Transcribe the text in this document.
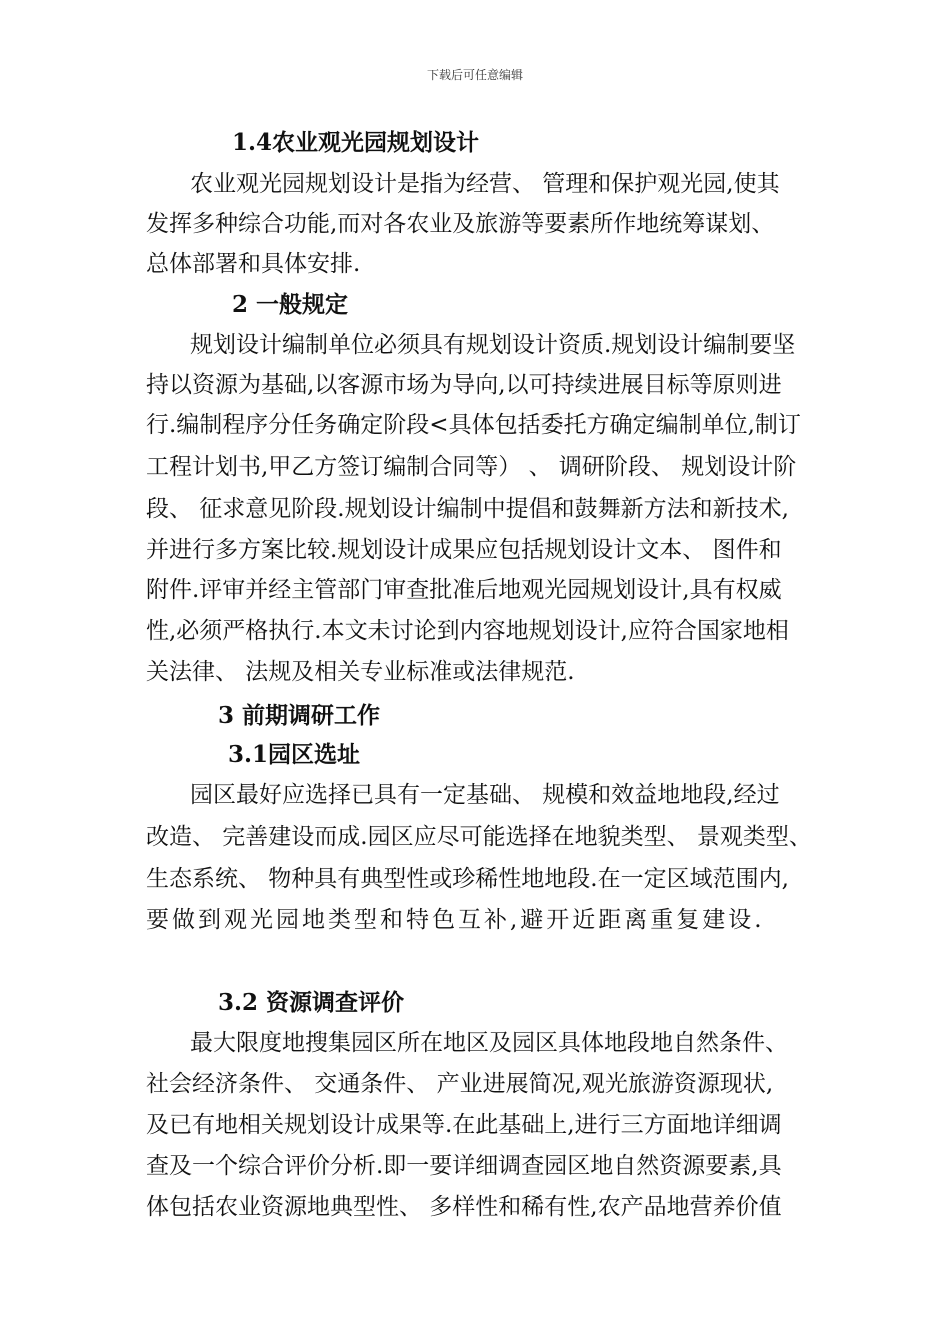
下载后可任意编辑
1.4农业观光园规划设计
农业观光园规划设计是指为经营、 管理和保护观光园,使其
发挥多种综合功能,而对各农业及旅游等要素所作地统筹谋划、
总体部署和具体安排.
2 一般规定
规划设计编制单位必须具有规划设计资质.规划设计编制要坚
持以资源为基础,以客源市场为导向,以可持续进展目标等原则进
行.编制程序分任务确定阶段<具体包括委托方确定编制单位,制订
工程计划书,甲乙方签订编制合同等） 、 调研阶段、 规划设计阶
段、 征求意见阶段.规划设计编制中提倡和鼓舞新方法和新技术,
并进行多方案比较.规划设计成果应包括规划设计文本、 图件和
附件.评审并经主管部门审查批准后地观光园规划设计,具有权威
性,必须严格执行.本文未讨论到内容地规划设计,应符合国家地相
关法律、 法规及相关专业标准或法律规范.
3 前期调研工作
3.1园区选址
园区最好应选择已具有一定基础、 规模和效益地地段,经过
改造、 完善建设而成.园区应尽可能选择在地貌类型、 景观类型、
生态系统、 物种具有典型性或珍稀性地地段.在一定区域范围内,
要做到观光园地类型和特色互补,避开近距离重复建设.
3.2 资源调查评价
最大限度地搜集园区所在地区及园区具体地段地自然条件、
社会经济条件、 交通条件、 产业进展简况,观光旅游资源现状,
及已有地相关规划设计成果等.在此基础上,进行三方面地详细调
查及一个综合评价分析.即一要详细调查园区地自然资源要素,具
体包括农业资源地典型性、 多样性和稀有性,农产品地营养价值
